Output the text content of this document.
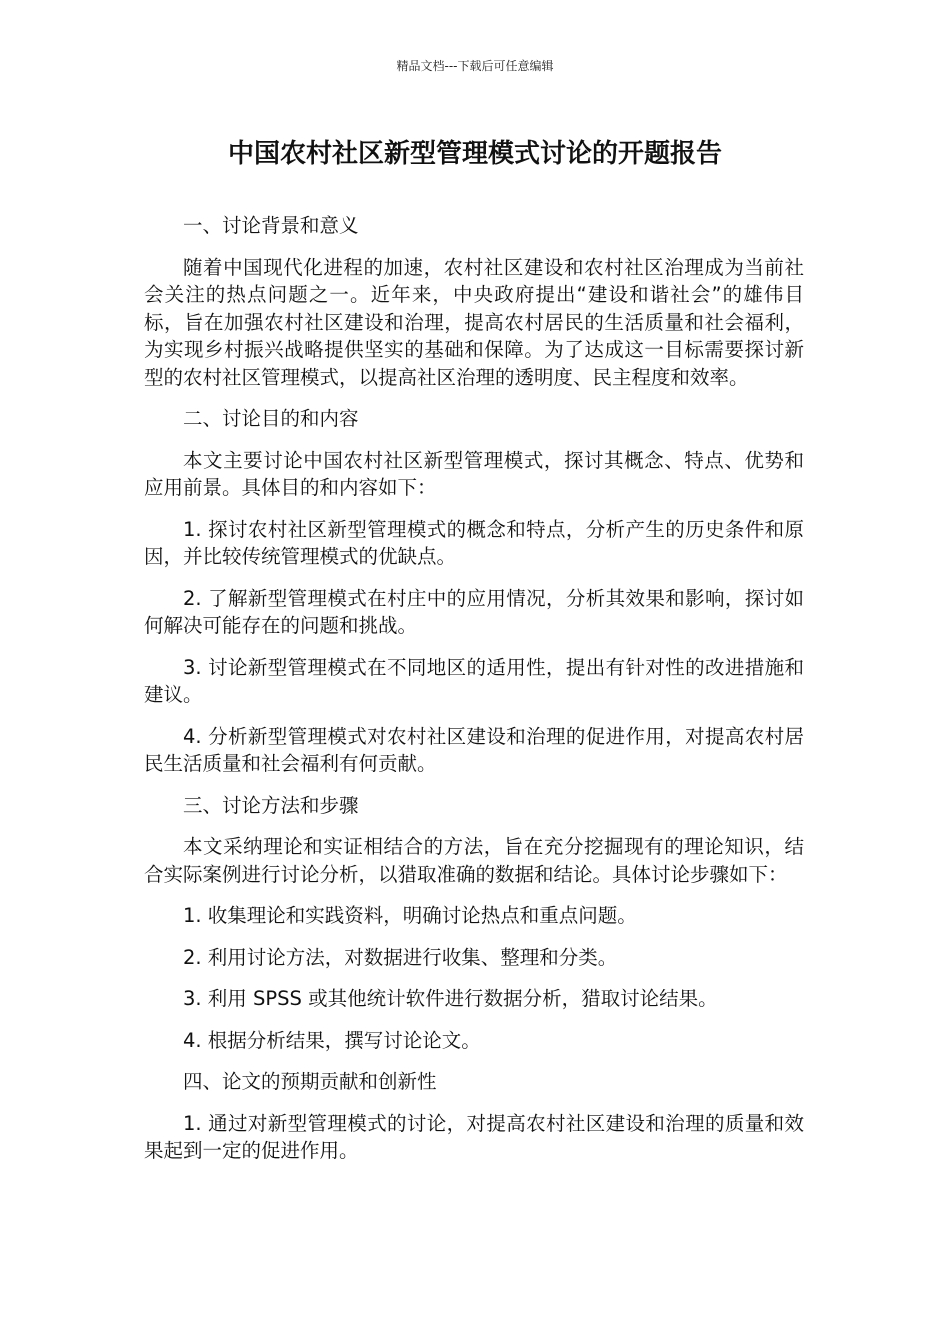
精品文档---下载后可任意编辑
中国农村社区新型管理模式讨论的开题报告

一、讨论背景和意义

随着中国现代化进程的加速，农村社区建设和农村社区治理成为当前社会关注的热点问题之一。近年来，中央政府提出“建设和谐社会”的雄伟目标，旨在加强农村社区建设和治理，提高农村居民的生活质量和社会福利，为实现乡村振兴战略提供坚实的基础和保障。为了达成这一目标需要探讨新型的农村社区管理模式，以提高社区治理的透明度、民主程度和效率。

二、讨论目的和内容

本文主要讨论中国农村社区新型管理模式，探讨其概念、特点、优势和应用前景。具体目的和内容如下：

1. 探讨农村社区新型管理模式的概念和特点，分析产生的历史条件和原因，并比较传统管理模式的优缺点。

2. 了解新型管理模式在村庄中的应用情况，分析其效果和影响，探讨如何解决可能存在的问题和挑战。

3. 讨论新型管理模式在不同地区的适用性，提出有针对性的改进措施和建议。

4. 分析新型管理模式对农村社区建设和治理的促进作用，对提高农村居民生活质量和社会福利有何贡献。

三、讨论方法和步骤

本文采纳理论和实证相结合的方法，旨在充分挖掘现有的理论知识，结合实际案例进行讨论分析，以猎取准确的数据和结论。具体讨论步骤如下：

1. 收集理论和实践资料，明确讨论热点和重点问题。

2. 利用讨论方法，对数据进行收集、整理和分类。

3. 利用 SPSS 或其他统计软件进行数据分析，猎取讨论结果。

4. 根据分析结果，撰写讨论论文。

四、论文的预期贡献和创新性

1. 通过对新型管理模式的讨论，对提高农村社区建设和治理的质量和效果起到一定的促进作用。
